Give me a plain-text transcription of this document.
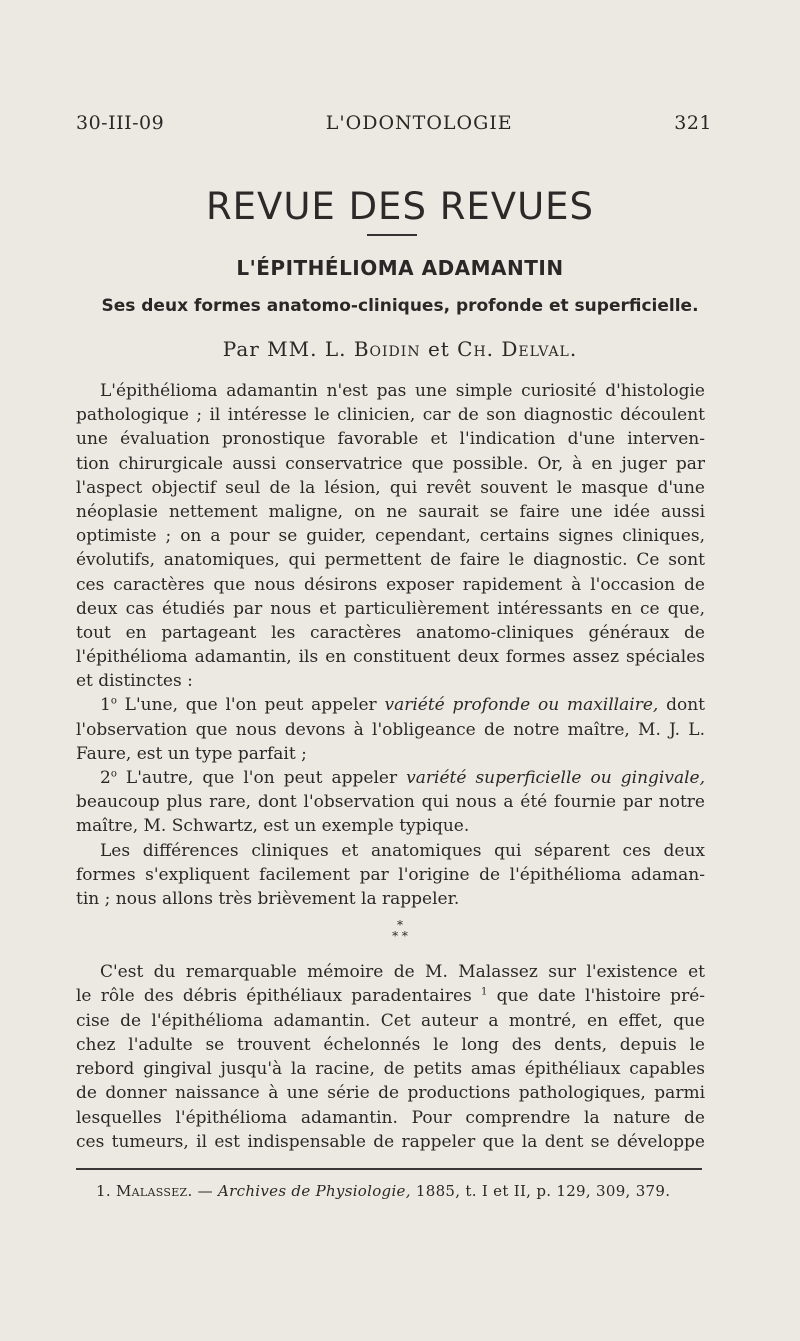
30-III-09	L'ODONTOLOGIE	321
REVUE DES REVUES
L'ÉPITHÉLIOMA ADAMANTIN
Ses deux formes anatomo-cliniques, profonde et superficielle.
Par MM. L. Boidin et Ch. Delval.
L'épithélioma adamantin n'est pas une simple curiosité d'histologie
pathologique ; il intéresse le clinicien, car de son diagnostic découlent
une évaluation pronostique favorable et l'indication d'une interven-
tion chirurgicale aussi conservatrice que possible. Or, à en juger par
l'aspect objectif seul de la lésion, qui revêt souvent le masque d'une
néoplasie nettement maligne, on ne saurait se faire une idée aussi
optimiste ; on a pour se guider, cependant, certains signes cliniques,
évolutifs, anatomiques, qui permettent de faire le diagnostic. Ce sont
ces caractères que nous désirons exposer rapidement à l'occasion de
deux cas étudiés par nous et particulièrement intéressants en ce que,
tout en partageant les caractères anatomo-cliniques généraux de
l'épithélioma adamantin, ils en constituent deux formes assez spéciales
et distinctes :
1$^o$ L'une, que l'on peut appeler variété profonde ou maxillaire, dont
l'observation que nous devons à l'obligeance de notre maître, M. J. L.
Faure, est un type parfait ;
2$^o$ L'autre, que l'on peut appeler variété superficielle ou gingivale,
beaucoup plus rare, dont l'observation qui nous a été fournie par notre
maître, M. Schwartz, est un exemple typique.
Les différences cliniques et anatomiques qui séparent ces deux
formes s'expliquent facilement par l'origine de l'épithélioma adaman-
tin ; nous allons très brièvement la rappeler.
*
* *
C'est du remarquable mémoire de M. Malassez sur l'existence et
le rôle des débris épithéliaux paradentaires $^1$ que date l'histoire pré-
cise de l'épithélioma adamantin. Cet auteur a montré, en effet, que
chez l'adulte se trouvent échelonnés le long des dents, depuis le
rebord gingival jusqu'à la racine, de petits amas épithéliaux capables
de donner naissance à une série de productions pathologiques, parmi
lesquelles l'épithélioma adamantin. Pour comprendre la nature de
ces tumeurs, il est indispensable de rappeler que la dent se développe
1. Malassez. — Archives de Physiologie, 1885, t. I et II, p. 129, 309, 379.
